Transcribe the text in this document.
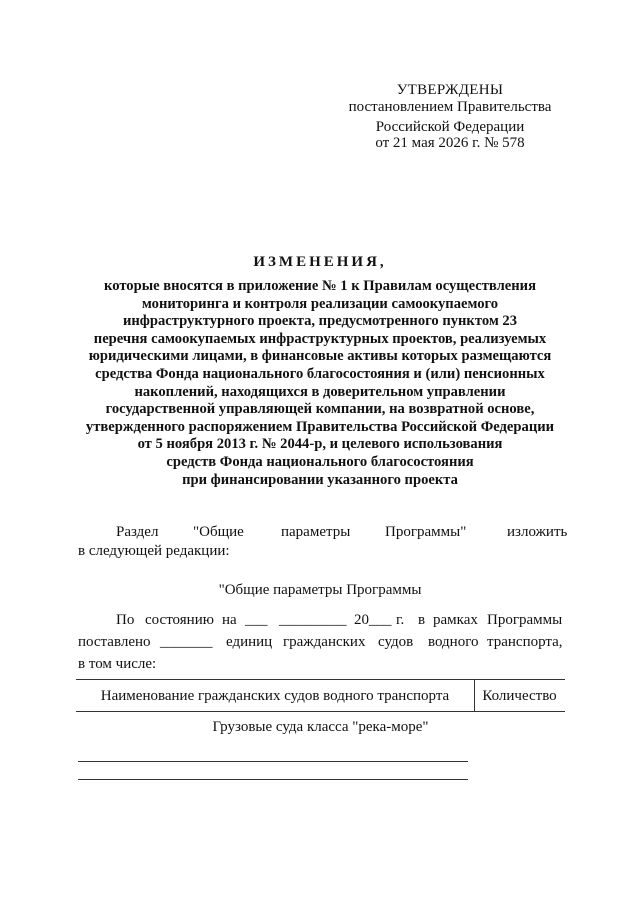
УТВЕРЖДЕНЫ
постановлением Правительства
Российской Федерации
от 21 мая 2026 г. № 578
ИЗМЕНЕНИЯ,
которые вносятся в приложение № 1 к Правилам осуществления
мониторинга и контроля реализации самоокупаемого
инфраструктурного проекта, предусмотренного пунктом 23
перечня самоокупаемых инфраструктурных проектов, реализуемых
юридическими лицами, в финансовые активы которых размещаются
средства Фонда национального благосостояния и (или) пенсионных
накоплений, находящихся в доверительном управлении
государственной управляющей компании, на возвратной основе,
утвержденного распоряжением Правительства Российской Федерации
от 5 ноября 2013 г. № 2044-р, и целевого использования
средств Фонда национального благосостояния
при финансировании указанного проекта
Раздел "Общие параметры Программы"	изложить
в следующей редакции:
"Общие параметры Программы
По состоянию на ___ _________ 20___ г. в рамках Программы
поставлено _______ единиц гражданских судов водного транспорта,
в том числе:
Наименование гражданских судов водного транспорта	Количество
Грузовые суда класса "река-море"
